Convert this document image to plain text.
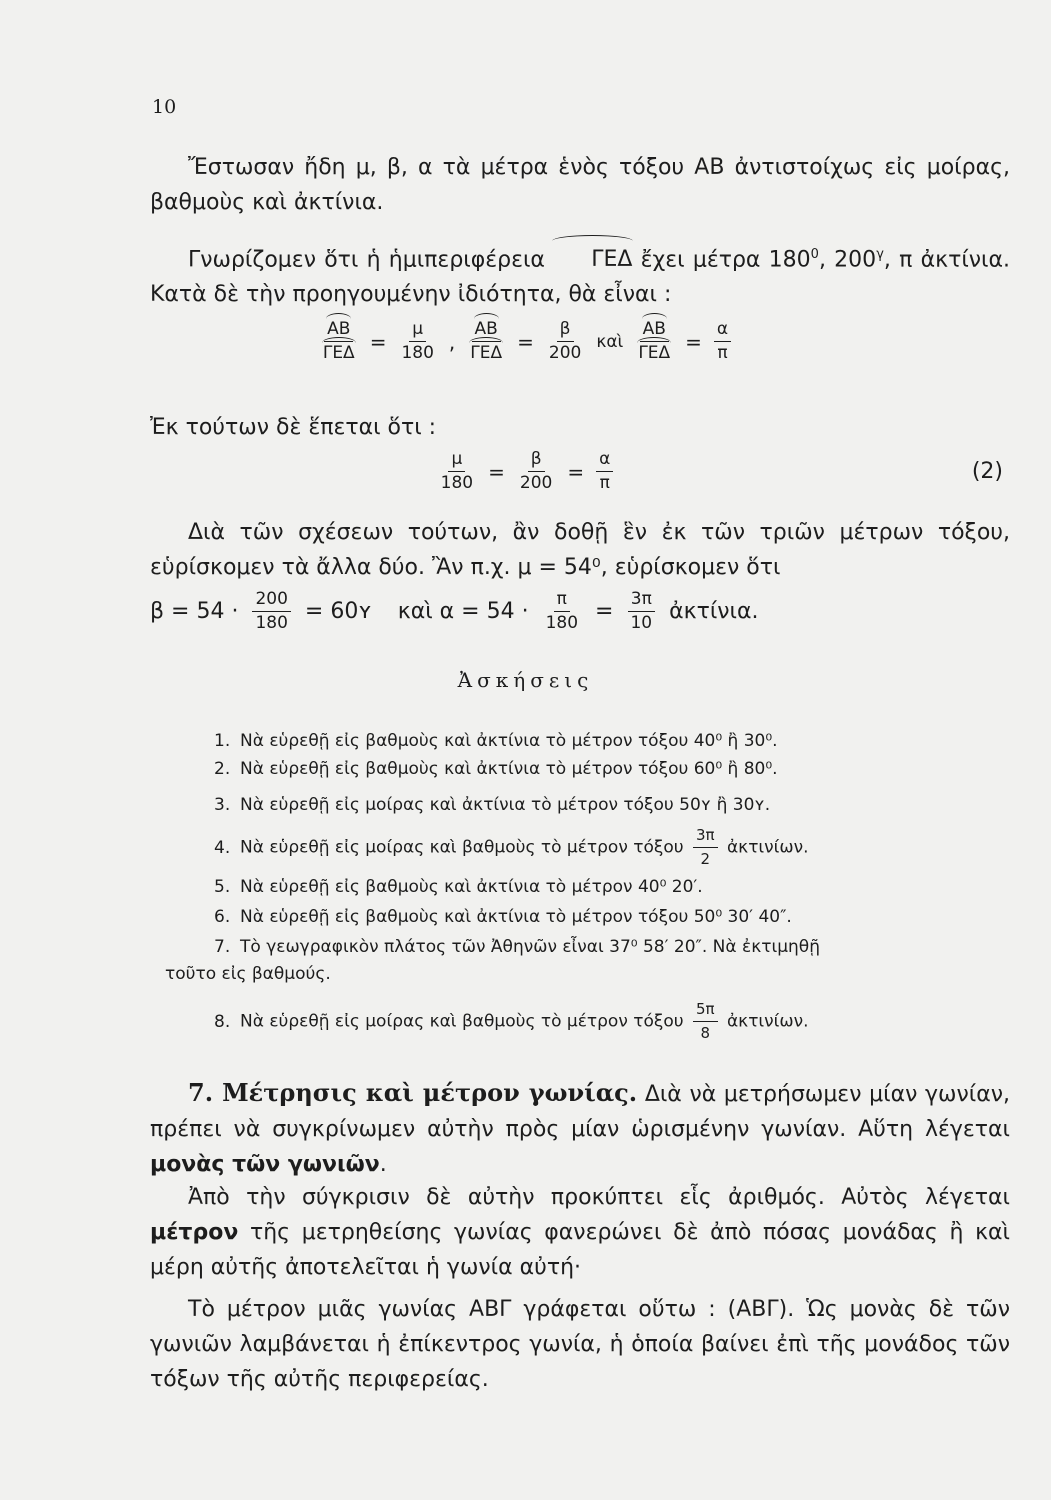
10
Ἔστωσαν ἤδη μ, β, α τὰ μέτρα ἑνὸς τόξου ΑΒ ἀντιστοίχως εἰς μοίρας, βαθμοὺς καὶ ἀκτίνια.
Γνωρίζομεν ὅτι ἡ ἡμιπεριφέρεια ΓΕΔ ἔχει μέτρα $180^0$, $200^\gamma$, π ἀκτίνια. Κατὰ δὲ τὴν προηγουμένην ἰδιότητα, θὰ εἶναι :
$\frac{AB}{\text{ΓΕΔ}} = \frac{\mu}{180}$ , $\frac{AB}{\text{ΓΕΔ}} = \frac{\beta}{200}$ καὶ $\frac{AB}{\text{ΓΕΔ}} = \frac{\alpha}{\pi}$
Ἐκ τούτων δὲ ἕπεται ὅτι :
$\frac{\mu}{180} = \frac{\beta}{200} = \frac{\alpha}{\pi}$	(2)
Διὰ τῶν σχέσεων τούτων, ἂν δοθῇ ἓν ἐκ τῶν τριῶν μέτρων τόξου, εὑρίσκομεν τὰ ἄλλα δύο. Ἂν π.χ. μ = 54⁰, εὑρίσκομεν ὅτι
$\beta = 54 \cdot \frac{200}{180}$ = 60ʏ καὶ $\alpha = 54 \cdot \frac{\pi}{180} = \frac{3\pi}{10}$ ἀκτίνια.
Ἀσκήσεις
1. Νὰ εὑρεθῇ εἰς βαθμοὺς καὶ ἀκτίνια τὸ μέτρον τόξου 40⁰ ἢ 30⁰.
2. Νὰ εὑρεθῇ εἰς βαθμοὺς καὶ ἀκτίνια τὸ μέτρον τόξου 60⁰ ἢ 80⁰.
3. Νὰ εὑρεθῇ εἰς μοίρας καὶ ἀκτίνια τὸ μέτρον τόξου 50ʏ ἢ 30ʏ.
4. Νὰ εὑρεθῇ εἰς μοίρας καὶ βαθμοὺς τὸ μέτρον τόξου $\frac{3\pi}{2}$ ἀκτινίων.
5. Νὰ εὑρεθῇ εἰς βαθμοὺς καὶ ἀκτίνια τὸ μέτρον 40⁰ 20′.
6. Νὰ εὑρεθῇ εἰς βαθμοὺς καὶ ἀκτίνια τὸ μέτρον τόξου 50⁰ 30′ 40″.
7. Τὸ γεωγραφικὸν πλάτος τῶν Ἀθηνῶν εἶναι 37⁰ 58′ 20″. Νὰ ἐκτιμηθῇ
τοῦτο εἰς βαθμούς.
8. Νὰ εὑρεθῇ εἰς μοίρας καὶ βαθμοὺς τὸ μέτρον τόξου $\frac{5\pi}{8}$ ἀκτινίων.
7. Μέτρησις καὶ μέτρον γωνίας. Διὰ νὰ μετρήσωμεν μίαν γωνίαν, πρέπει νὰ συγκρίνωμεν αὐτὴν πρὸς μίαν ὡρισμένην γωνίαν. Αὕτη λέγεται μονὰς τῶν γωνιῶν.
Ἀπὸ τὴν σύγκρισιν δὲ αὐτὴν προκύπτει εἷς ἀριθμός. Αὐτὸς λέγεται μέτρον τῆς μετρηθείσης γωνίας φανερώνει δὲ ἀπὸ πόσας μονάδας ἢ καὶ μέρη αὐτῆς ἀποτελεῖται ἡ γωνία αὐτή·
Τὸ μέτρον μιᾶς γωνίας ΑΒΓ γράφεται οὕτω : (ΑΒΓ). Ὡς μονὰς δὲ τῶν γωνιῶν λαμβάνεται ἡ ἐπίκεντρος γωνία, ἡ ὁποία βαίνει ἐπὶ τῆς μονάδος τῶν τόξων τῆς αὐτῆς περιφερείας.
